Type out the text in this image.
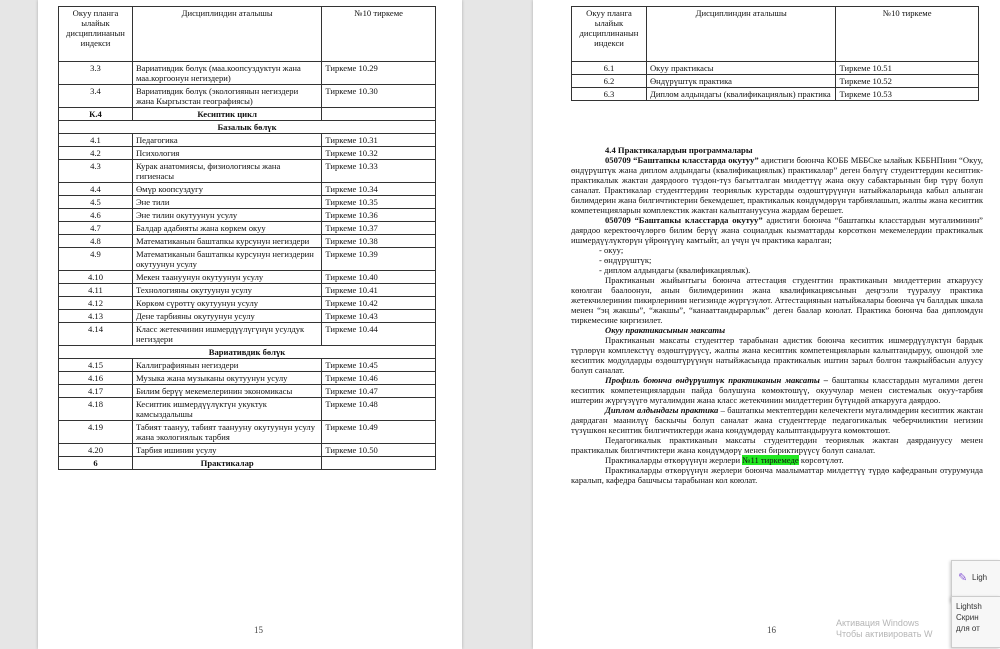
Окуу планга ылайык дисциплинанын индекси	Дисциплиндин аталышы	№10 тиркеме
3.3	Вариативдик бөлүк (маа.коопсуздуктун жана маа.коргоонун негиздери)	Тиркеме 10.29
3.4	Вариативдик бөлүк (экологиянын негиздери жана Кыргызстан географиясы)	Тиркеме 10.30
К.4	Кесиптик цикл	
Базалык бөлүк		
4.1	Педагогика	Тиркеме 10.31
4.2	Психология	Тиркеме 10.32
4.3	Курак анатомиясы, физиологиясы жана гигиенасы	Тиркеме 10.33
4.4	Өмүр коопсуздугу	Тиркеме 10.34
4.5	Эне тили	Тиркеме 10.35
4.6	Эне тилин окутуунун усулу	Тиркеме 10.36
4.7	Балдар адабияты жана көркем окуу	Тиркеме 10.37
4.8	Математиканын баштапкы курсунун негиздери	Тиркеме 10.38
4.9	Математиканын баштапкы курсунун негиздерин окутуунун усулу	Тиркеме 10.39
4.10	Мекен таануунун окутуунун усулу	Тиркеме 10.40
4.11	Технологияны окутуунун усулу	Тиркеме 10.41
4.12	Көркөм сүрөттү окутуунун усулу	Тиркеме 10.42
4.13	Дене тарбияны окутуунун усулу	Тиркеме 10.43
4.14	Класс жетекчинин ишмердүүлүгүнүн усулдук негиздери	Тиркеме 10.44
Вариативдик бөлүк		
4.15	Каллиграфиянын негиздери	Тиркеме 10.45
4.16	Музыка жана музыканы окутуунун усулу	Тиркеме 10.46
4.17	Билим берүү мекемелеринин экономикасы	Тиркеме 10.47
4.18	Кесиптик ишмердүүлүктүн укуктук камсыздалышы	Тиркеме 10.48
4.19	Табият таануу, табият таанууну окутуунун усулу жана экологиялык тарбия	Тиркеме 10.49
4.20	Тарбия ишинин усулу	Тиркеме 10.50
6	Практикалар	
15
Окуу планга ылайык дисциплинанын индекси	Дисциплиндин аталышы	№10 тиркеме
6.1	Окуу практикасы	Тиркеме 10.51
6.2	Өндүрүштүк практика	Тиркеме 10.52
6.3	Диплом алдындагы (квалификациялык) практика	Тиркеме 10.53

4.4 Практикалардын программалары

050709 “Баштапкы класстарда окутуу” адистиги боюнча КОББ МББСке ылайык КББНПнин “Окуу, өндүрүштүк жана диплом алдындагы (квалификациялык) практикалар” деген бөлүгү студенттердин кесиптик-практикалык жактан даярдоого түздөн-түз багытталган милдеттүү жана окуу сабактарынын бир түрү болуп саналат. Практикалар студенттердин теориялык курстарды өздөштүрүүнүн натыйжаларында кабыл алынган билимдерин жана билгичтиктерин бекемдешет, практикалык көндүмдөрүн тарбиялашып, жалпы жана кесиптик компетенцияларын комплекстик жактан калыптануусуна жардам берешет.

050709 “Баштапкы класстарда окутуу” адистиги боюнча “баштапкы класстардын мугалиминин” даярдоо керектөөчүлөргө билим берүү жана социалдык кызматтарды көрсөткөн мекемелердин практикалык ишмердүүлүктөрүн үйрөнүүнү камтыйт, ал үчүн үч практика каралган;

- окуу;

- өндүрүштүк;

- диплом алдындагы (квалификациялык).

Практиканын жыйынтыгы боюнча аттестация студенттин практиканын милдеттерин аткаруусу көюлган баалоонун, анын билимдеринин жана квалификациясынын деңгээли түуралуу практика жетекчилеринин пикирлеринин негизинде жүргүзүлөт. Аттестациянын натыйжалары боюнча үч баллдык шкала менен “эң жакшы”, “жакшы”, “канааттандырарлык” деген баалар коюлат. Практика боюнча баа дипломдун тиркемесине киргизилет.

Окуу практикасынын максаты

Практиканын максаты студенттер тарабынан адистик боюнча кесиптик ишмердүүлүктүн бардык түрлөрүн комплекстүү өздөштүрүүсү, жалпы жана кесиптик компетенцияларын калыптандыруу, ошондой эле кесиптик модулдарды өздөштүрүүнүн натыйжасында практикалык иштин зарыл болгон тажрыйбасын алуусу болуп саналат.

Профиль боюнча өндүрүштүк практиканын максаты – баштапкы класстардын мугалими деген кесиптик компетенциялардын пайда болушуна көмөктөшүү, окуучулар менен системалык окуу-тарбия иштерин жүргүзүүгө мугалимдин жана класс жетекчинин милдеттерин бүтүндөй аткарууга даярдоо.

Диплом алдындагы практика – баштапкы мектептердин келечектеги мугалимдерин кесиптик жактан даярдаган маанилүү баскычы болуп саналат жана студенттерде педагогикалык чеберчиликтин негизин түзүшкөн кесиптик билгичтиктерди жана көндүмдөрдү калыптандырууга көмөктөшөт.

Педагогикалык практиканын максаты студенттердин теориялык жактан даярдануусу менен практикалык билгичтиктери жана көндүмдөрү менен бириктирүүсү болуп саналат.

Практикаларды өткөрүүнүн жерлери №11 тиркемеде көрсөтүлөт.

Практикаларды өткөрүүнүн жерлери боюнча маалыматтар милдеттүү түрдө кафедранын отурумунда каралып, кафедра башчысы тарабынан кол коюлат.

16
Активация Windows
Чтобы активировать W
✎ Ligh
Lightsh
Скрин
для от
